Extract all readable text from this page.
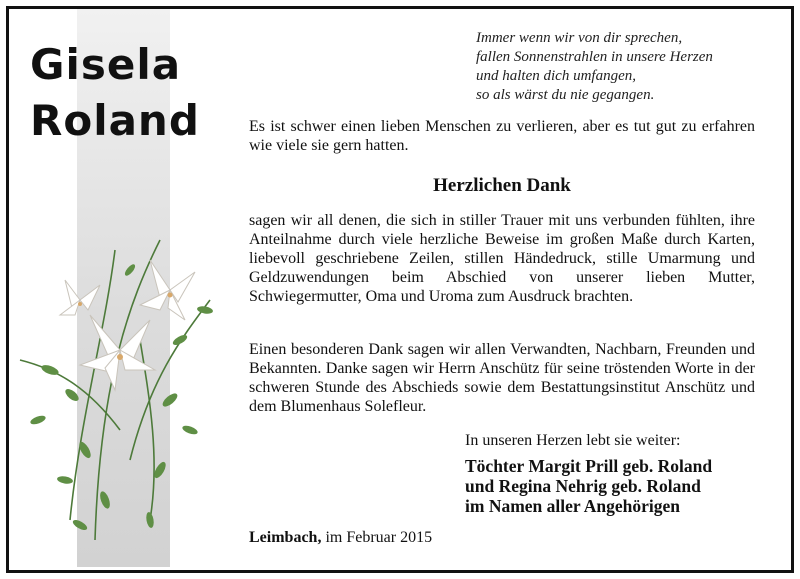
Gisela
Roland
Immer wenn wir von dir sprechen,
fallen Sonnenstrahlen in unsere Herzen
und halten dich umfangen,
so als wärst du nie gegangen.
Es ist schwer einen lieben Menschen zu verlieren, aber es tut gut zu erfahren wie viele sie gern hatten.
Herzlichen Dank
sagen wir all denen, die sich in stiller Trauer mit uns verbunden fühlten, ihre Anteilnahme durch viele herzliche Beweise im großen Maße durch Karten, liebevoll geschriebene Zeilen, stillen Händedruck, stille Umarmung und Geldzuwendungen beim Abschied von unserer lieben Mutter, Schwiegermutter, Oma und Uroma zum Ausdruck brachten.
Einen besonderen Dank sagen wir allen Verwandten, Nachbarn, Freunden und Bekannten. Danke sagen wir Herrn Anschütz für seine tröstenden Worte in der schweren Stunde des Abschieds sowie dem Bestattungsinstitut Anschütz und dem Blumenhaus Solefleur.
In unseren Herzen lebt sie weiter:
Töchter Margit Prill geb. Roland
und Regina Nehrig geb. Roland
im Namen aller Angehörigen
Leimbach, im Februar 2015
